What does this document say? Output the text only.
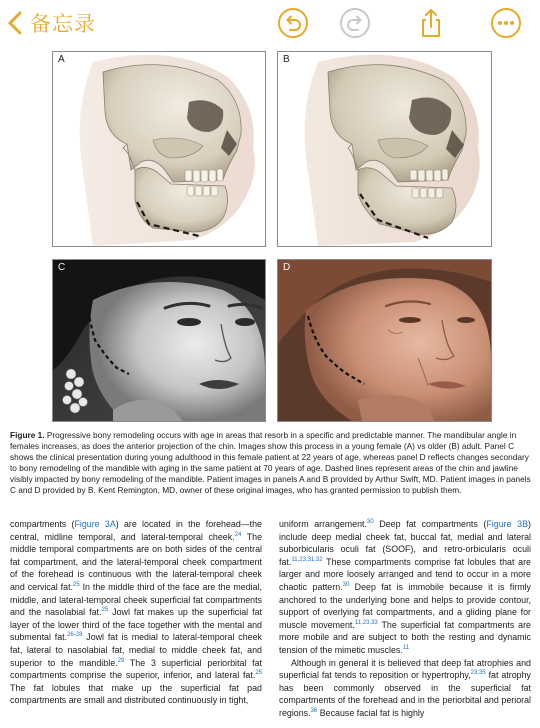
备忘录
A	B
C	D
Figure 1. Progressive bony remodeling occurs with age in areas that resorb in a specific and predictable manner. The mandibular angle in females increases, as does the anterior projection of the chin. Images show this process in a young female (A) vs older (B) adult. Panel C shows the clinical presentation during young adulthood in this female patient at 22 years of age, whereas panel D reflects changes secondary to bony remodeling of the mandible with aging in the same patient at 70 years of age. Dashed lines represent areas of the chin and jawline visibly impacted by bony remodeling of the mandible. Patient images in panels A and B provided by Arthur Swift, MD. Patient images in panels C and D provided by B. Kent Remington, MD, owner of these original images, who has granted permission to publish them.

compartments (Figure 3A) are located in the forehead—the central, midline temporal, and lateral-temporal cheek.$^{24}$ The middle temporal compartments are on both sides of the central fat compartment, and the lateral-temporal cheek compartment of the forehead is continuous with the lateral-temporal cheek and cervical fat.$^{25}$ In the middle third of the face are the medial, middle, and lateral-temporal cheek superficial fat compartments and the nasolabial fat.$^{25}$ Jowl fat makes up the superficial fat layer of the lower third of the face together with the mental and submental fat.$^{26-28}$ Jowl fat is medial to lateral-temporal cheek fat, lateral to nasolabial fat, medial to middle cheek fat, and superior to the mandible.$^{29}$ The 3 superficial periorbital fat compartments comprise the superior, inferior, and lateral fat.$^{25}$ The fat lobules that make up the superficial fat pad compartments are small and distributed continuously in tight,

uniform arrangement.$^{30}$ Deep fat compartments (Figure 3B) include deep medial cheek fat, buccal fat, medial and lateral suborbicularis oculi fat (SOOF), and retro-orbicularis oculi fat.$^{11,23,31,32}$ These compartments comprise fat lobules that are larger and more loosely arranged and tend to occur in a more chaotic pattern.$^{30}$ Deep fat is immobile because it is firmly anchored to the underlying bone and helps to provide contour, support of overlying fat compartments, and a gliding plane for muscle movement.$^{11,23,33}$ The superficial fat compartments are more mobile and are subject to both the resting and dynamic tension of the mimetic muscles.$^{11}$

Although in general it is believed that deep fat atrophies and superficial fat tends to reposition or hypertrophy,$^{23,35}$ fat atrophy has been commonly observed in the superficial fat compartments of the forehead and in the periorbital and perioral regions.$^{36}$ Because facial fat is highly
